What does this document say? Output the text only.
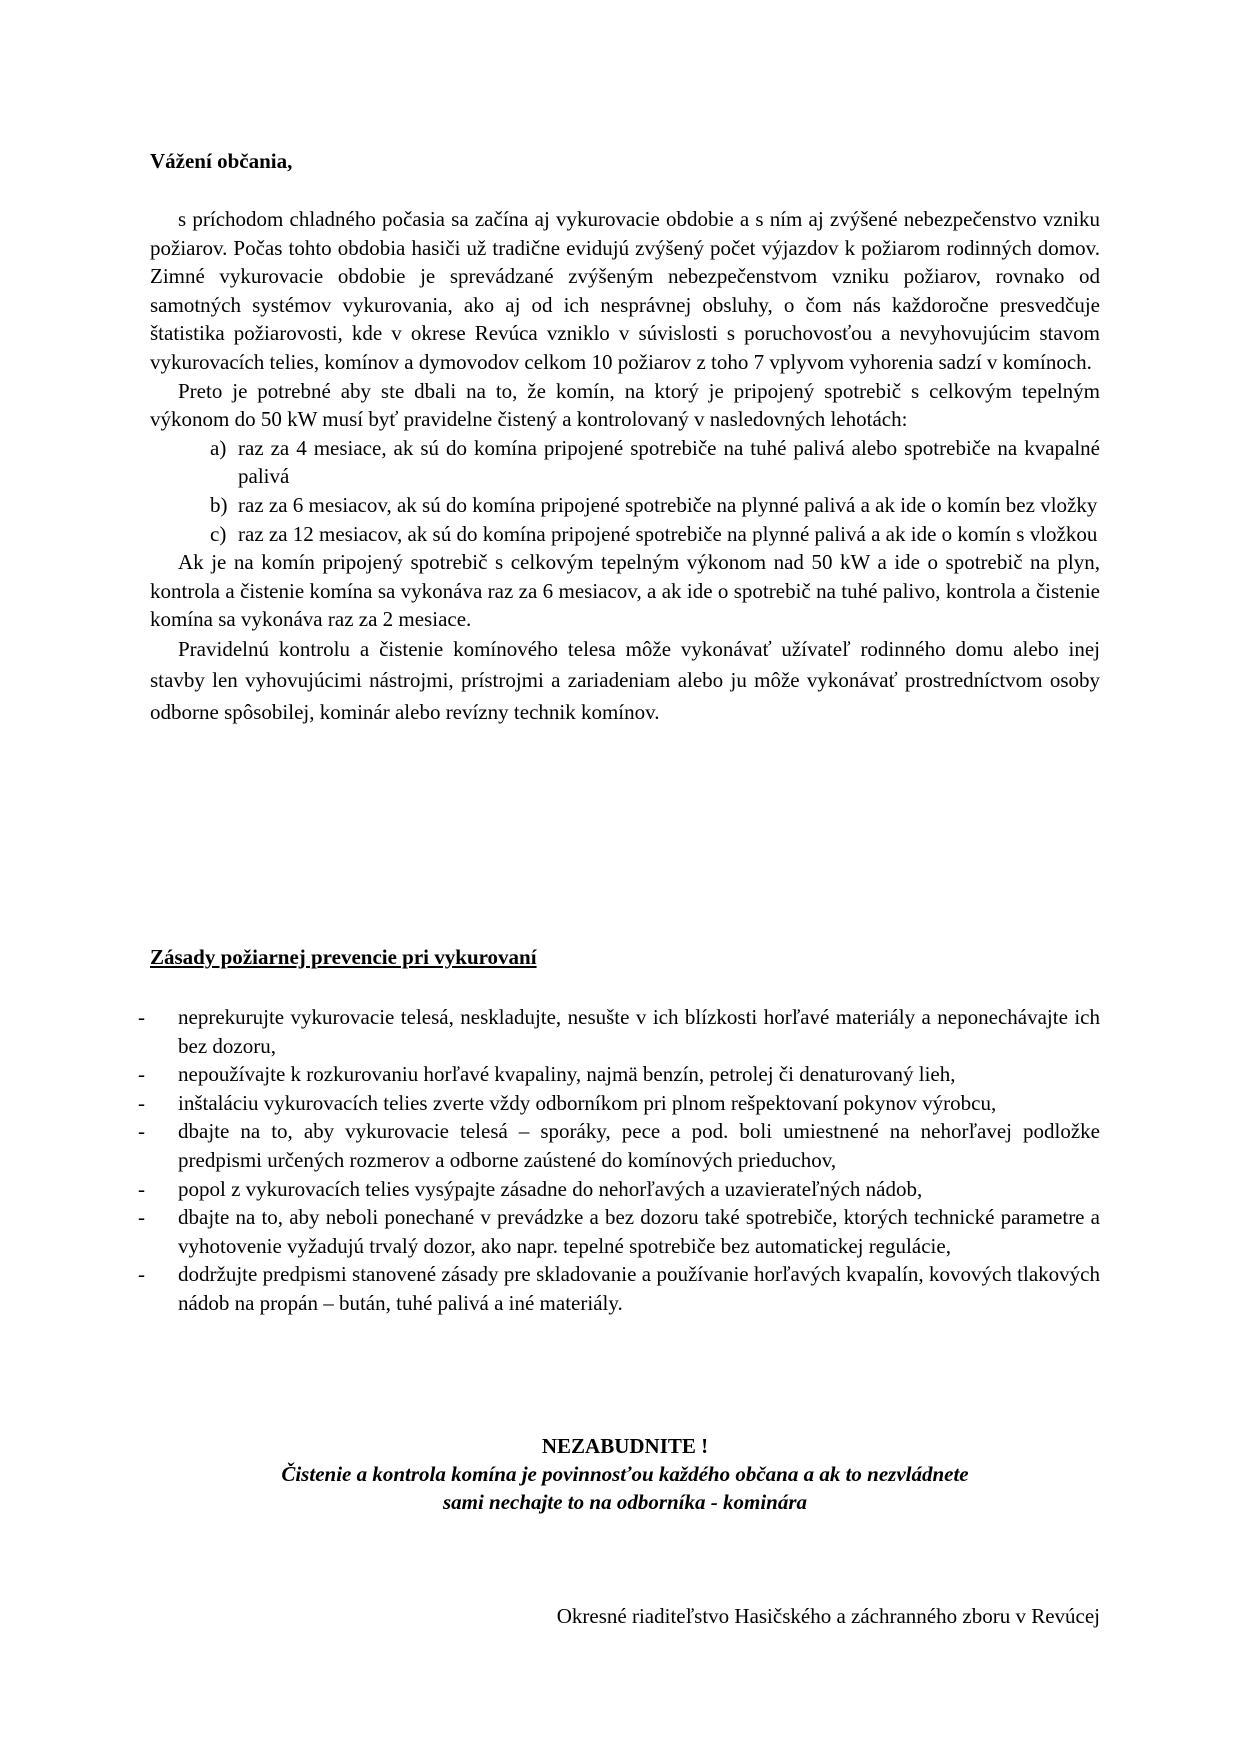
Vážení občania,

s príchodom chladného počasia sa začína aj vykurovacie obdobie a s ním aj zvýšené nebezpečenstvo vzniku požiarov. Počas tohto obdobia hasiči už tradične evidujú zvýšený počet výjazdov k požiarom rodinných domov. Zimné vykurovacie obdobie je sprevádzané zvýšeným nebezpečenstvom vzniku požiarov, rovnako od samotných systémov vykurovania, ako aj od ich nesprávnej obsluhy, o čom nás každoročne presvedčuje štatistika požiarovosti, kde v okrese Revúca vzniklo v súvislosti s poruchovosťou a nevyhovujúcim stavom vykurovacích telies, komínov a dymovodov celkom 10 požiarov z toho 7 vplyvom vyhorenia sadzí v komínoch.

Preto je potrebné aby ste dbali na to, že komín, na ktorý je pripojený spotrebič s celkovým tepelným výkonom do 50 kW musí byť pravidelne čistený a kontrolovaný v nasledovných lehotách:

a) raz za 4 mesiace, ak sú do komína pripojené spotrebiče na tuhé palivá alebo spotrebiče na kvapalné palivá
b) raz za 6 mesiacov, ak sú do komína pripojené spotrebiče na plynné palivá a ak ide o komín bez vložky
c) raz za 12 mesiacov, ak sú do komína pripojené spotrebiče na plynné palivá a ak ide o komín s vložkou

Ak je na komín pripojený spotrebič s celkovým tepelným výkonom nad 50 kW a ide o spotrebič na plyn, kontrola a čistenie komína sa vykonáva raz za 6 mesiacov, a ak ide o spotrebič na tuhé palivo, kontrola a čistenie komína sa vykonáva raz za 2 mesiace.

Pravidelnú kontrolu a čistenie komínového telesa môže vykonávať užívateľ rodinného domu alebo inej stavby len vyhovujúcimi nástrojmi, prístrojmi a zariadeniam alebo ju môže vykonávať prostredníctvom osoby odborne spôsobilej, kominár alebo revízny technik komínov.

Zásady požiarnej prevencie pri vykurovaní
- neprekurujte vykurovacie telesá, neskladujte, nesušte v ich blízkosti horľavé materiály a neponechávajte ich bez dozoru,
- nepoužívajte k rozkurovaniu horľavé kvapaliny, najmä benzín, petrolej či denaturovaný lieh,
- inštaláciu vykurovacích telies zverte vždy odborníkom pri plnom rešpektovaní pokynov výrobcu,
- dbajte na to, aby vykurovacie telesá – sporáky, pece a pod. boli umiestnené na nehorľavej podložke predpismi určených rozmerov a odborne zaústené do komínových prieduchov,
- popol z vykurovacích telies vysýpajte zásadne do nehorľavých a uzavierateľných nádob,
- dbajte na to, aby neboli ponechané v prevádzke a bez dozoru také spotrebiče, ktorých technické parametre a vyhotovenie vyžadujú trvalý dozor, ako napr. tepelné spotrebiče bez automatickej regulácie,
- dodržujte predpismi stanovené zásady pre skladovanie a používanie horľavých kvapalín, kovových tlakových nádob na propán – bután, tuhé palivá a iné materiály.
NEZABUDNITE !
Čistenie a kontrola komína je povinnosťou každého občana a ak to nezvládnete sami nechajte to na odborníka - kominára
Okresné riaditeľstvo Hasičského a záchranného zboru v Revúcej
